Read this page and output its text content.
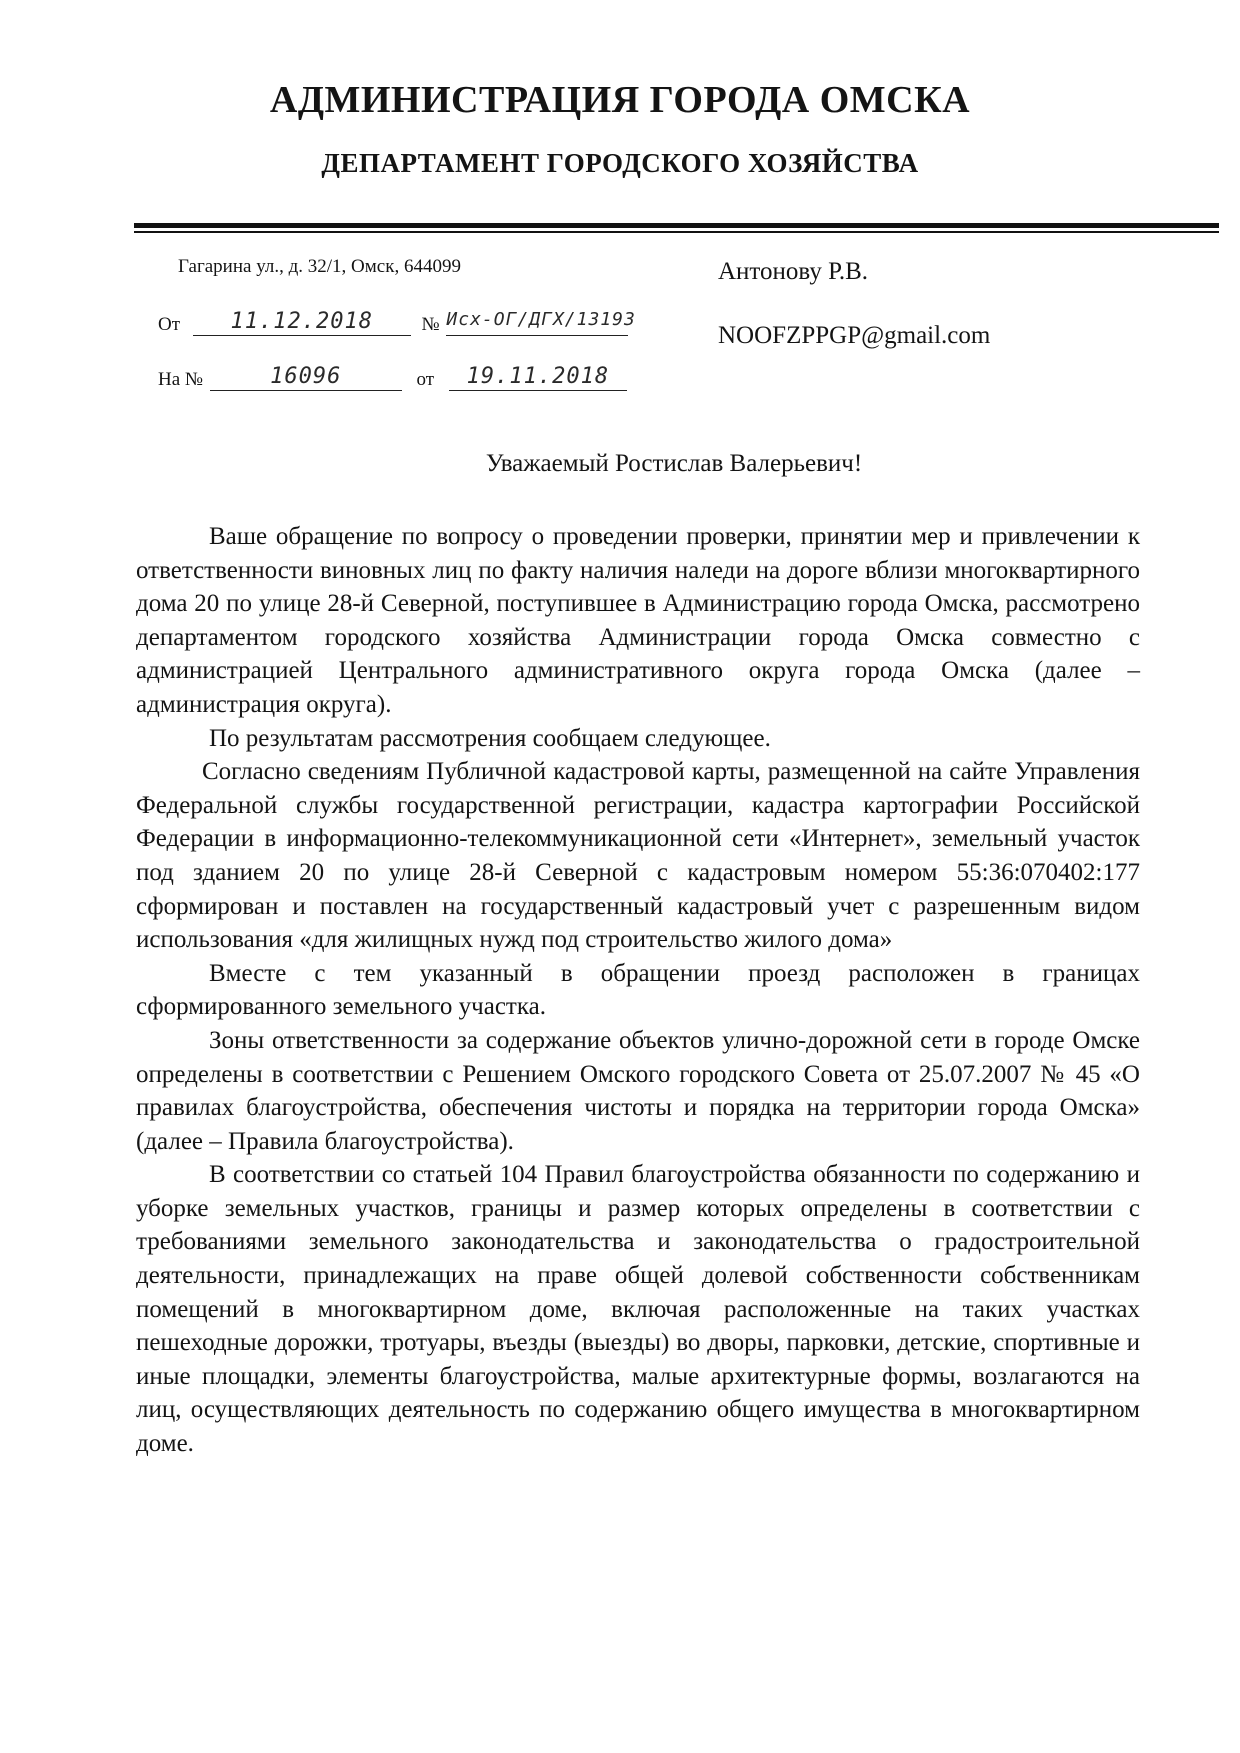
АДМИНИСТРАЦИЯ ГОРОДА ОМСКА
ДЕПАРТАМЕНТ ГОРОДСКОГО ХОЗЯЙСТВА
Гагарина ул., д. 32/1, Омск, 644099
От 11.12.2018	№ Исх-ОГ/ДГХ/13193
На №	16096	от 19.11.2018
Антонову Р.В.
NOOFZPPGP@gmail.com
Уважаемый Ростислав Валерьевич!

Ваше обращение по вопросу о проведении проверки, принятии мер и привлечении к ответственности виновных лиц по факту наличия наледи на дороге вблизи многоквартирного дома 20 по улице 28-й Северной, поступившее в Администрацию города Омска, рассмотрено департаментом городского хозяйства Администрации города Омска совместно с администрацией Центрального административного округа города Омска (далее – администрация округа).

По результатам рассмотрения сообщаем следующее.

Согласно сведениям Публичной кадастровой карты, размещенной на сайте Управления Федеральной службы государственной регистрации, кадастра картографии Российской Федерации в информационно-телекоммуникационной сети «Интернет», земельный участок под зданием 20 по улице 28-й Северной с кадастровым номером 55:36:070402:177 сформирован и поставлен на государственный кадастровый учет с разрешенным видом использования «для жилищных нужд под строительство жилого дома»

Вместе с тем указанный в обращении проезд расположен в границах сформированного земельного участка.

Зоны ответственности за содержание объектов улично-дорожной сети в городе Омске определены в соответствии с Решением Омского городского Совета от 25.07.2007 № 45 «О правилах благоустройства, обеспечения чистоты и порядка на территории города Омска» (далее – Правила благоустройства).

В соответствии со статьей 104 Правил благоустройства обязанности по содержанию и уборке земельных участков, границы и размер которых определены в соответствии с требованиями земельного законодательства и законодательства о градостроительной деятельности, принадлежащих на праве общей долевой собственности собственникам помещений в многоквартирном доме, включая расположенные на таких участках пешеходные дорожки, тротуары, въезды (выезды) во дворы, парковки, детские, спортивные и иные площадки, элементы благоустройства, малые архитектурные формы, возлагаются на лиц, осуществляющих деятельность по содержанию общего имущества в многоквартирном доме.
